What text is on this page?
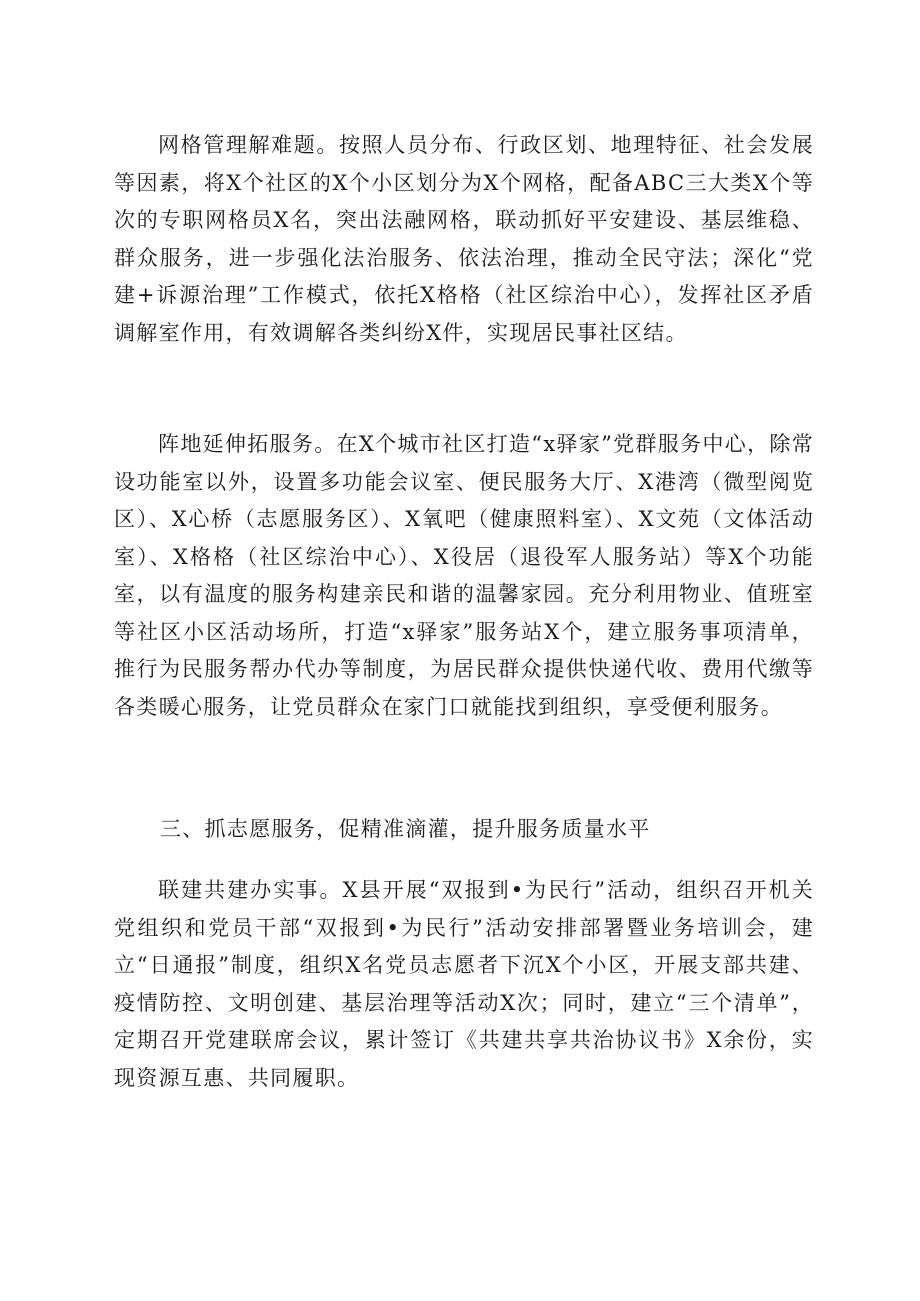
网格管理解难题。按照人员分布、行政区划、地理特征、社会发展等因素，将X个社区的X个小区划分为X个网格，配备ABC三大类X个等次的专职网格员X名，突出法融网格，联动抓好平安建设、基层维稳、群众服务，进一步强化法治服务、依法治理，推动全民守法；深化“党建+诉源治理”工作模式，依托X格格（社区综治中心），发挥社区矛盾调解室作用，有效调解各类纠纷X件，实现居民事社区结。

阵地延伸拓服务。在X个城市社区打造“x驿家”党群服务中心，除常设功能室以外，设置多功能会议室、便民服务大厅、X港湾（微型阅览区）、X心桥（志愿服务区）、X氧吧（健康照料室）、X文苑（文体活动室）、X格格（社区综治中心）、X役居（退役军人服务站）等X个功能室，以有温度的服务构建亲民和谐的温馨家园。充分利用物业、值班室等社区小区活动场所，打造“x驿家”服务站X个，建立服务事项清单，推行为民服务帮办代办等制度，为居民群众提供快递代收、费用代缴等各类暖心服务，让党员群众在家门口就能找到组织，享受便利服务。

三、抓志愿服务，促精准滴灌，提升服务质量水平

联建共建办实事。X县开展“双报到•为民行”活动，组织召开机关党组织和党员干部“双报到•为民行”活动安排部署暨业务培训会，建立“日通报”制度，组织X名党员志愿者下沉X个小区，开展支部共建、疫情防控、文明创建、基层治理等活动X次；同时，建立“三个清单”，定期召开党建联席会议，累计签订《共建共享共治协议书》X余份，实现资源互惠、共同履职。
